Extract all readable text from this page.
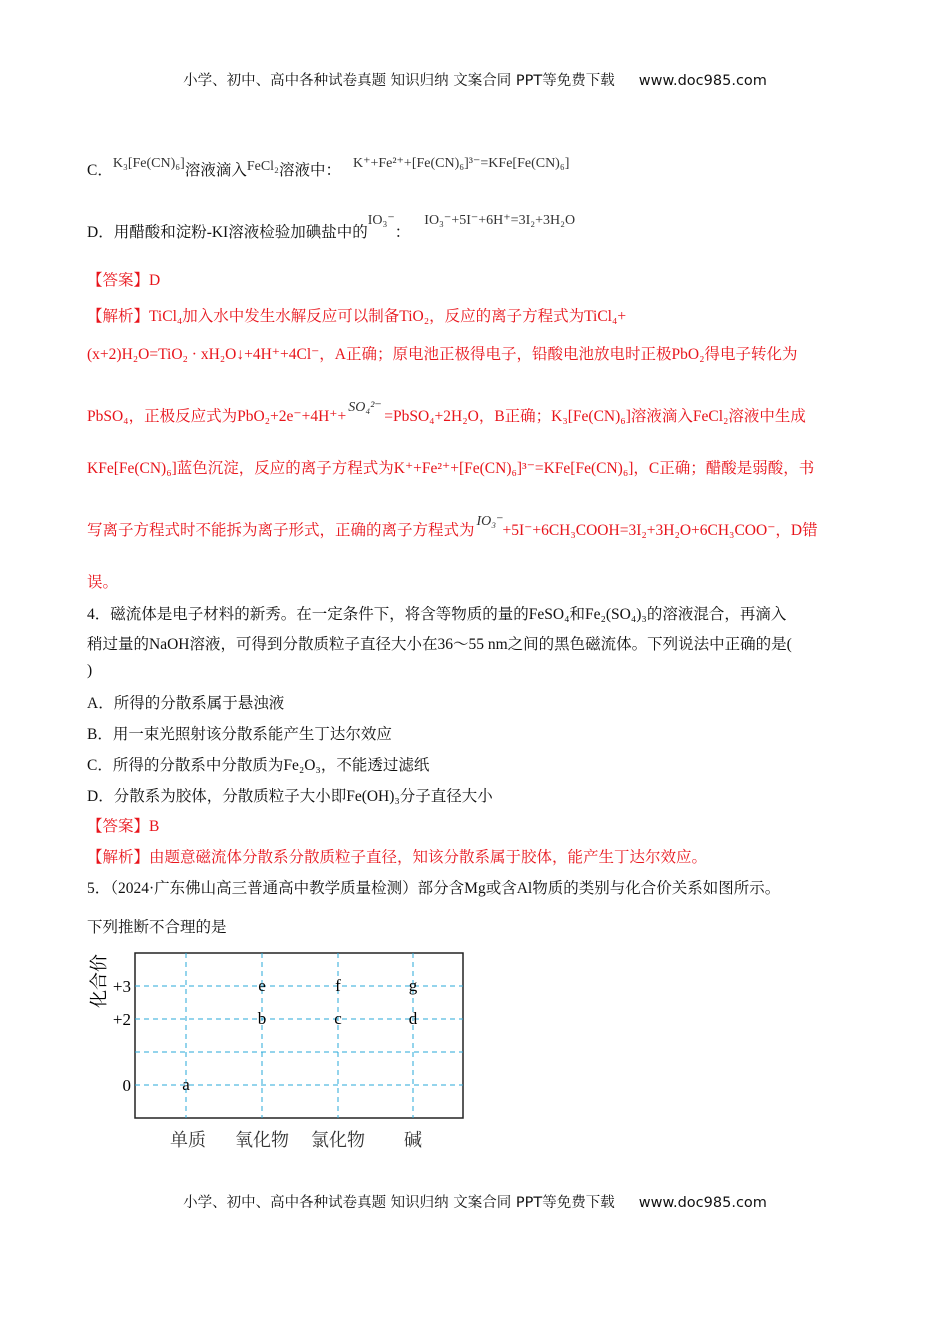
小学、初中、高中各种试卷真题 知识归纳 文案合同 PPT等免费下载 www.doc985.com
C．K₃[Fe(CN)₆]溶液滴入FeCl₂溶液中： K⁺+Fe²⁺+[Fe(CN)₆]³⁻=KFe[Fe(CN)₆]
D．用醋酸和淀粉-KI溶液检验加碘盐中的IO₃⁻：IO₃⁻+5I⁻+6H⁺=3I₂+3H₂O
【答案】D
【解析】TiCl₄加入水中发生水解反应可以制备TiO₂，反应的离子方程式为TiCl₄+
(x+2)H₂O=TiO₂ · xH₂O↓+4H⁺+4Cl⁻，A正确；原电池正极得电子，铅酸电池放电时正极PbO₂得电子转化为
PbSO₄，正极反应式为PbO₂+2e⁻+4H⁺+
SO₄²⁻
=PbSO₄+2H₂O，B正确；K₃[Fe(CN)₆]溶液滴入FeCl₂溶液中生成
KFe[Fe(CN)₆]蓝色沉淀，反应的离子方程式为K⁺+Fe²⁺+[Fe(CN)₆]³⁻=KFe[Fe(CN)₆]，C正确；醋酸是弱酸，书
写离子方程式时不能拆为离子形式，正确的离子方程式为
IO₃⁻
+5I⁻+6CH₃COOH=3I₂+3H₂O+6CH₃COO⁻，D错
误。
4．磁流体是电子材料的新秀。在一定条件下，将含等物质的量的FeSO₄和Fe₂(SO₄)₃的溶液混合，再滴入
稍过量的NaOH溶液，可得到分散质粒子直径大小在36～55 nm之间的黑色磁流体。下列说法中正确的是(
)
A．所得的分散系属于悬浊液
B．用一束光照射该分散系能产生丁达尔效应
C．所得的分散系中分散质为Fe₂O₃，不能透过滤纸
D．分散系为胶体，分散质粒子大小即Fe(OH)₃分子直径大小
【答案】B
【解析】由题意磁流体分散系分散质粒子直径，知该分散系属于胶体，能产生丁达尔效应。
5．（2024·广东佛山高三普通高中教学质量检测）部分含Mg或含Al物质的类别与化合价关系如图所示。
下列推断不合理的是
0
+2
+3
化合价
单质 氧化物 氯化物 碱
a
b	c	d
e	f	g
小学、初中、高中各种试卷真题 知识归纳 文案合同 PPT等免费下载 www.doc985.com
